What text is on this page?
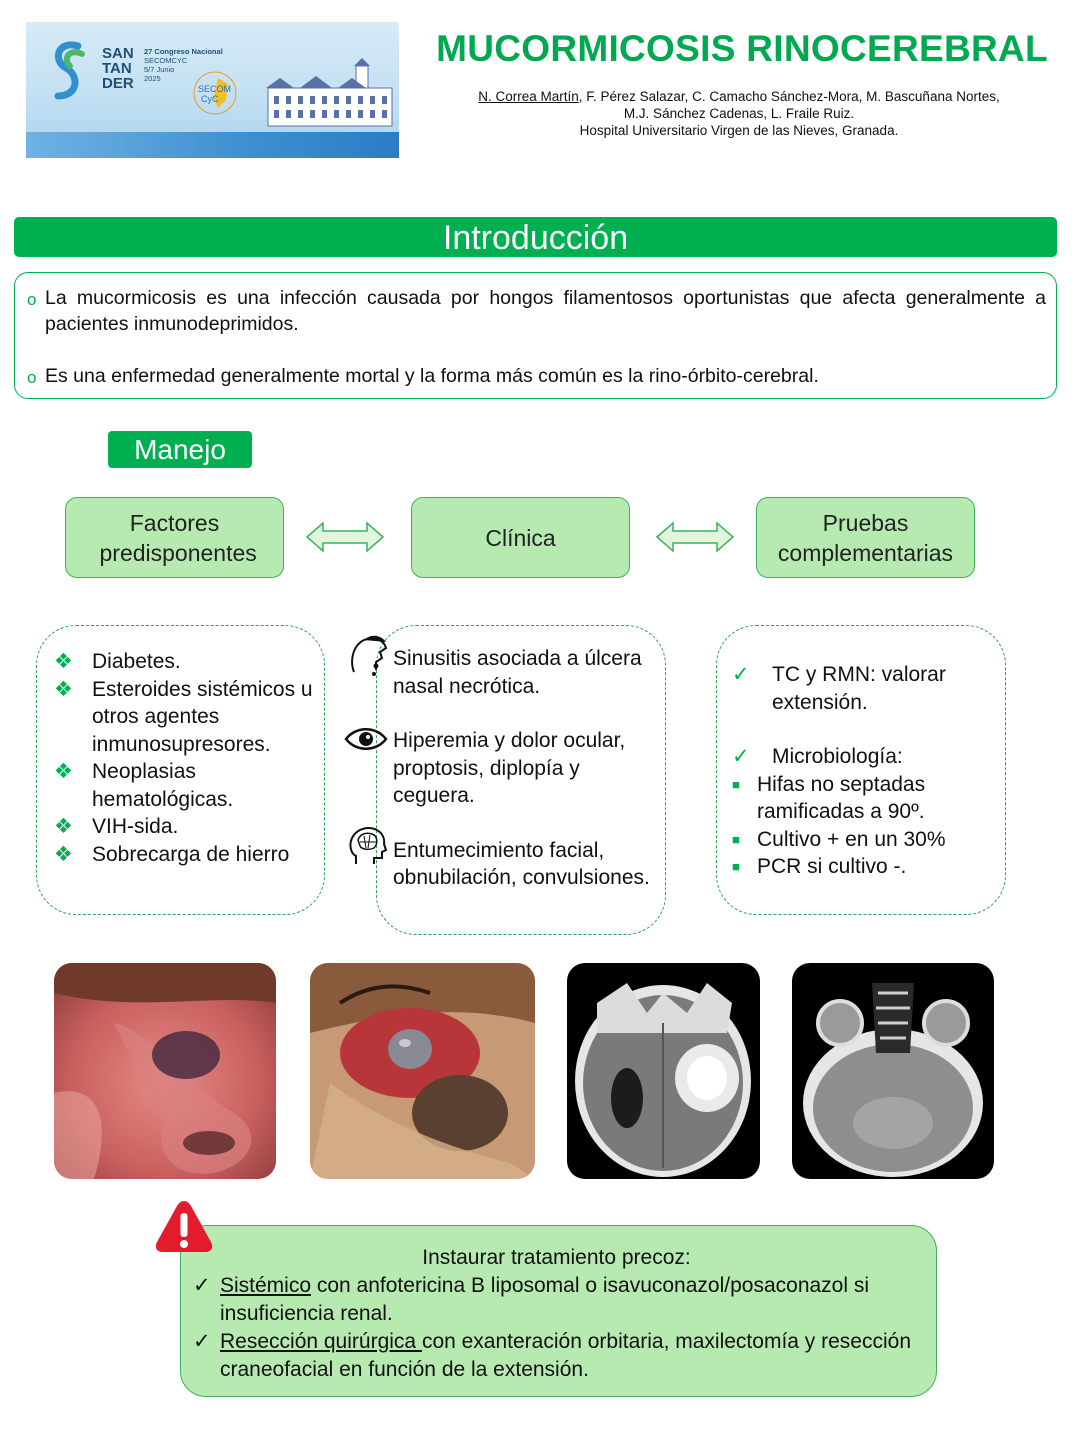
SAN
TAN
DER
27 Congreso Nacional
SECOMCYC
5/7 Junio
2025
SECOM
CyC
MUCORMICOSIS RINOCEREBRAL
N. Correa Martín, F. Pérez Salazar, C. Camacho Sánchez-Mora, M. Bascuñana Nortes,
M.J. Sánchez Cadenas, L. Fraile Ruiz.
Hospital Universitario Virgen de las Nieves, Granada.
Introducción
o La mucormicosis es una infección causada por hongos filamentosos oportunistas que afecta generalmente a pacientes inmunodeprimidos.
o Es una enfermedad generalmente mortal y la forma más común es la rino-órbito-cerebral.
Manejo
Factores predisponentes
Clínica
Pruebas complementarias
❖ Diabetes.
❖ Esteroides sistémicos u otros agentes inmunosupresores.
❖ Neoplasias hematológicas.
❖ VIH-sida.
❖ Sobrecarga de hierro
Sinusitis asociada a úlcera nasal necrótica.
Hiperemia y dolor ocular, proptosis, diplopía y ceguera.
Entumecimiento facial, obnubilación, convulsiones.
✓	TC y RMN: valorar extensión.
✓	Microbiología:
■ Hifas no septadas ramificadas a 90º.
■ Cultivo + en un 30%
■ PCR si cultivo -.
Instaurar tratamiento precoz:
✓ Sistémico con anfotericina B liposomal o isavuconazol/posaconazol si insuficiencia renal.
✓ Resección quirúrgica con exanteración orbitaria, maxilectomía y resección craneofacial en función de la extensión.
